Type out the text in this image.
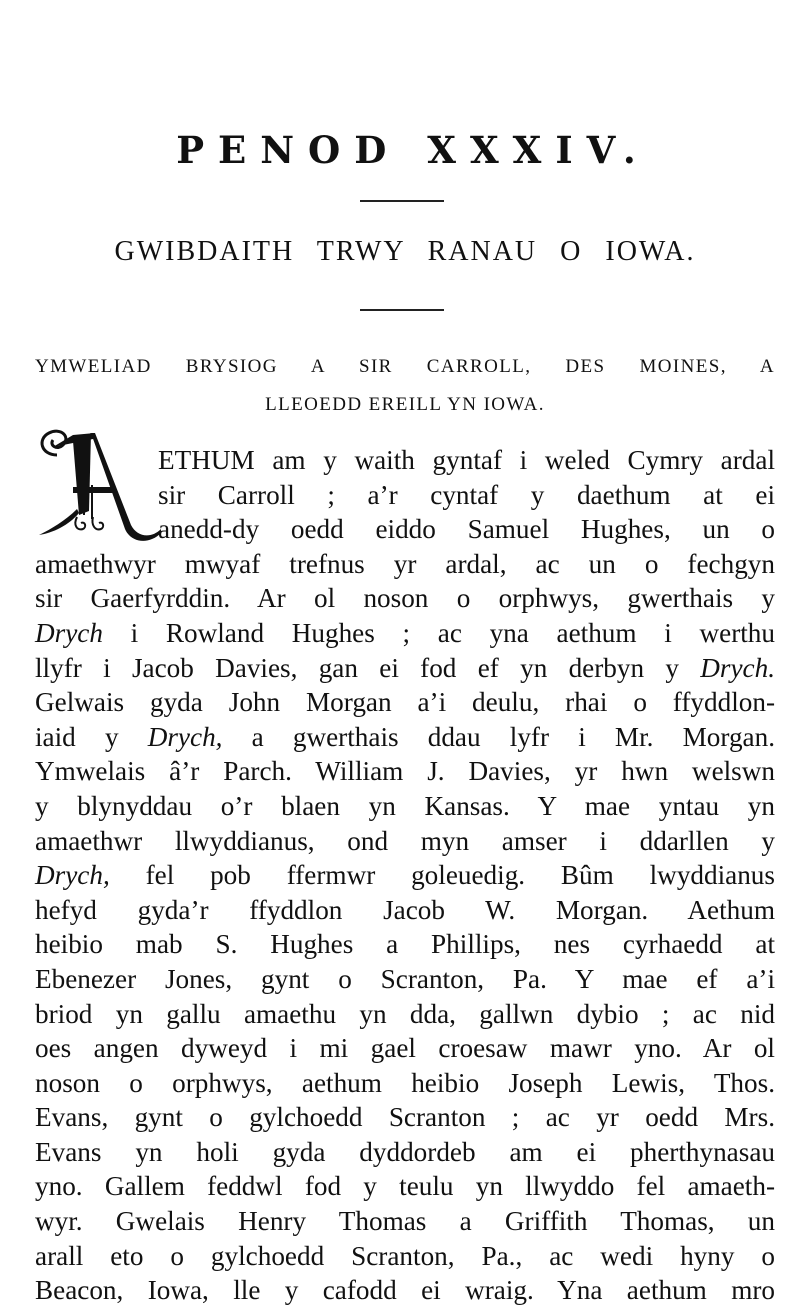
PENOD XXXIV.
GWIBDAITH TRWY RANAU O IOWA.
YMWELIAD BRYSIOG A SIR CARROLL, DES MOINES, A
LLEOEDD EREILL YN IOWA.
A
ETHUM am y waith gyntaf i weled Cymry ardal
sir Carroll ; a’r cyntaf y daethum at ei
anedd-dy oedd eiddo Samuel Hughes, un o
amaethwyr mwyaf trefnus yr ardal, ac un o fechgyn
sir Gaerfyrddin. Ar ol noson o orphwys, gwerthais y
Drych i Rowland Hughes ; ac yna aethum i werthu
llyfr i Jacob Davies, gan ei fod ef yn derbyn y Drych.
Gelwais gyda John Morgan a’i deulu, rhai o ffyddlon-
iaid y Drych, a gwerthais ddau lyfr i Mr. Morgan.
Ymwelais â’r Parch. William J. Davies, yr hwn welswn
y blynyddau o’r blaen yn Kansas. Y mae yntau yn
amaethwr llwyddianus, ond myn amser i ddarllen y
Drych, fel pob ffermwr goleuedig. Bûm lwyddianus
hefyd gyda’r ffyddlon Jacob W. Morgan. Aethum
heibio mab S. Hughes a Phillips, nes cyrhaedd at
Ebenezer Jones, gynt o Scranton, Pa. Y mae ef a’i
briod yn gallu amaethu yn dda, gallwn dybio ; ac nid
oes angen dyweyd i mi gael croesaw mawr yno. Ar ol
noson o orphwys, aethum heibio Joseph Lewis, Thos.
Evans, gynt o gylchoedd Scranton ; ac yr oedd Mrs.
Evans yn holi gyda dyddordeb am ei pherthynasau
yno. Gallem feddwl fod y teulu yn llwyddo fel amaeth-
wyr. Gwelais Henry Thomas a Griffith Thomas, un
arall eto o gylchoedd Scranton, Pa., ac wedi hyny o
Beacon, Iowa, lle y cafodd ei wraig. Yna aethum mro
